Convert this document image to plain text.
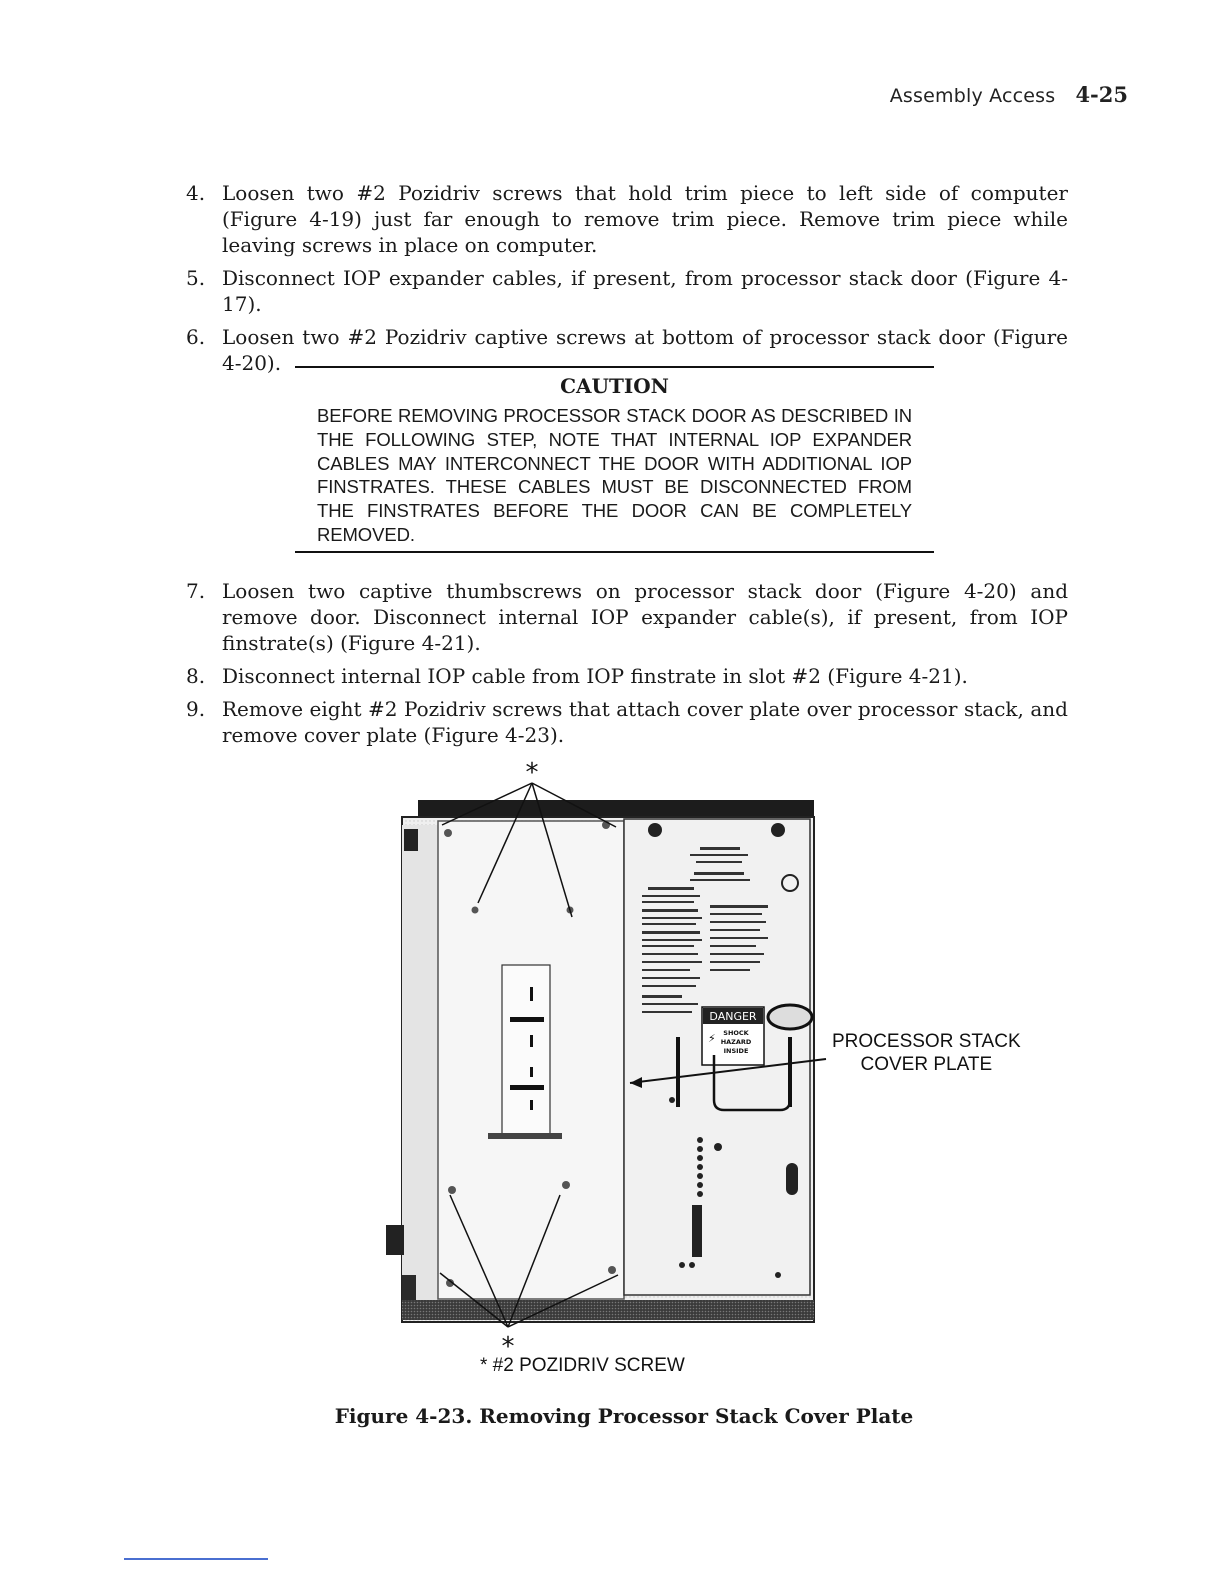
Assembly Access 4-25
4. Loosen two #2 Pozidriv screws that hold trim piece to left side of computer (Figure 4-19) just far enough to remove trim piece. Remove trim piece while leaving screws in place on computer.
5. Disconnect IOP expander cables, if present, from processor stack door (Figure 4-17).
6. Loosen two #2 Pozidriv captive screws at bottom of processor stack door (Figure 4-20).
CAUTION
BEFORE REMOVING PROCESSOR STACK DOOR AS DESCRIBED IN THE FOLLOWING STEP, NOTE THAT INTERNAL IOP EXPANDER CABLES MAY INTERCONNECT THE DOOR WITH ADDITIONAL IOP FINSTRATES. THESE CABLES MUST BE DISCONNECTED FROM THE FINSTRATES BEFORE THE DOOR CAN BE COMPLETELY REMOVED.
7. Loosen two captive thumbscrews on processor stack door (Figure 4-20) and remove door. Disconnect internal IOP expander cable(s), if present, from IOP finstrate(s) (Figure 4-21).
8. Disconnect internal IOP cable from IOP finstrate in slot #2 (Figure 4-21).
9. Remove eight #2 Pozidriv screws that attach cover plate over processor stack, and remove cover plate (Figure 4-23).
DANGER
⚡ SHOCK
HAZARD
INSIDE
*
*
PROCESSOR STACK
COVER PLATE
* #2 POZIDRIV SCREW
Figure 4-23. Removing Processor Stack Cover Plate
